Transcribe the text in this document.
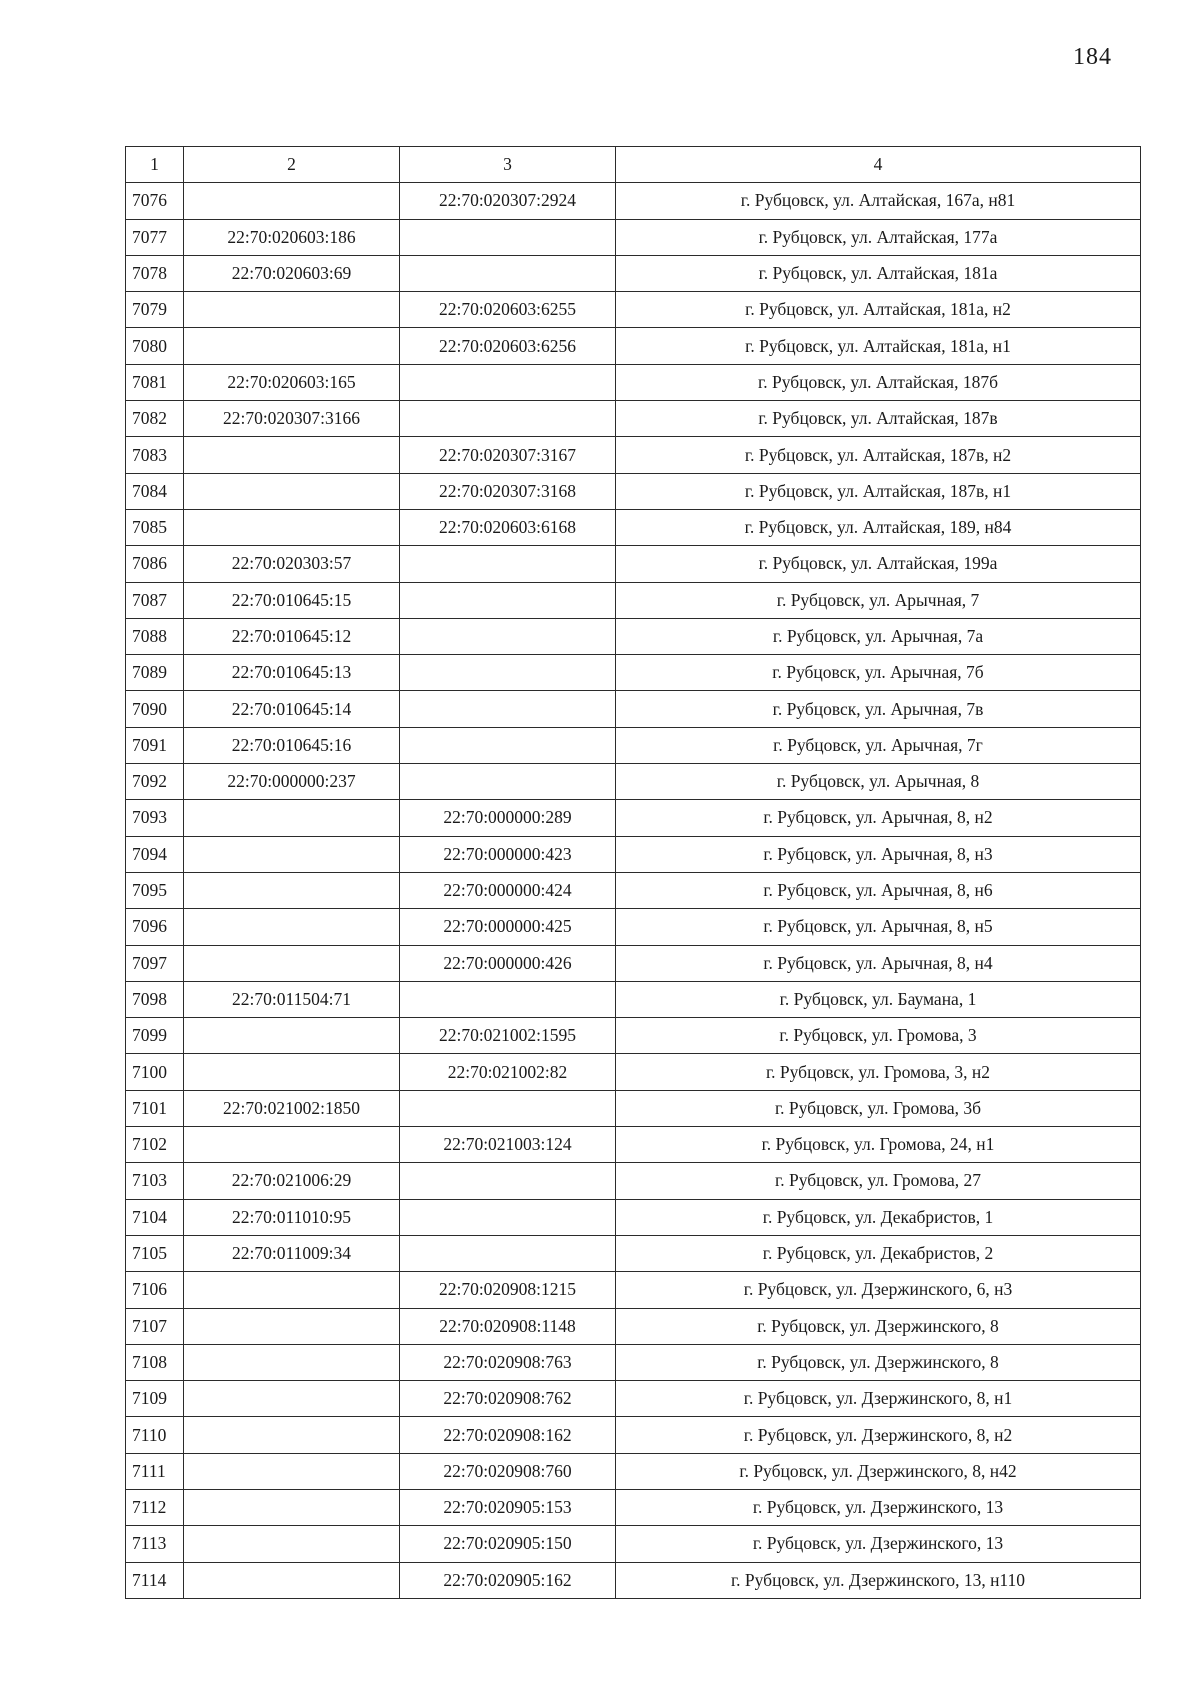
184
1	2	3	4
7076		22:70:020307:2924	г. Рубцовск, ул. Алтайская, 167а, н81
7077	22:70:020603:186		г. Рубцовск, ул. Алтайская, 177а
7078	22:70:020603:69		г. Рубцовск, ул. Алтайская, 181а
7079		22:70:020603:6255	г. Рубцовск, ул. Алтайская, 181а, н2
7080		22:70:020603:6256	г. Рубцовск, ул. Алтайская, 181а, н1
7081	22:70:020603:165		г. Рубцовск, ул. Алтайская, 187б
7082	22:70:020307:3166		г. Рубцовск, ул. Алтайская, 187в
7083		22:70:020307:3167	г. Рубцовск, ул. Алтайская, 187в, н2
7084		22:70:020307:3168	г. Рубцовск, ул. Алтайская, 187в, н1
7085		22:70:020603:6168	г. Рубцовск, ул. Алтайская, 189, н84
7086	22:70:020303:57		г. Рубцовск, ул. Алтайская, 199а
7087	22:70:010645:15		г. Рубцовск, ул. Арычная, 7
7088	22:70:010645:12		г. Рубцовск, ул. Арычная, 7а
7089	22:70:010645:13		г. Рубцовск, ул. Арычная, 7б
7090	22:70:010645:14		г. Рубцовск, ул. Арычная, 7в
7091	22:70:010645:16		г. Рубцовск, ул. Арычная, 7г
7092	22:70:000000:237		г. Рубцовск, ул. Арычная, 8
7093		22:70:000000:289	г. Рубцовск, ул. Арычная, 8, н2
7094		22:70:000000:423	г. Рубцовск, ул. Арычная, 8, н3
7095		22:70:000000:424	г. Рубцовск, ул. Арычная, 8, н6
7096		22:70:000000:425	г. Рубцовск, ул. Арычная, 8, н5
7097		22:70:000000:426	г. Рубцовск, ул. Арычная, 8, н4
7098	22:70:011504:71		г. Рубцовск, ул. Баумана, 1
7099		22:70:021002:1595	г. Рубцовск, ул. Громова, 3
7100		22:70:021002:82	г. Рубцовск, ул. Громова, 3, н2
7101	22:70:021002:1850		г. Рубцовск, ул. Громова, 3б
7102		22:70:021003:124	г. Рубцовск, ул. Громова, 24, н1
7103	22:70:021006:29		г. Рубцовск, ул. Громова, 27
7104	22:70:011010:95		г. Рубцовск, ул. Декабристов, 1
7105	22:70:011009:34		г. Рубцовск, ул. Декабристов, 2
7106		22:70:020908:1215	г. Рубцовск, ул. Дзержинского, 6, н3
7107		22:70:020908:1148	г. Рубцовск, ул. Дзержинского, 8
7108		22:70:020908:763	г. Рубцовск, ул. Дзержинского, 8
7109		22:70:020908:762	г. Рубцовск, ул. Дзержинского, 8, н1
7110		22:70:020908:162	г. Рубцовск, ул. Дзержинского, 8, н2
7111		22:70:020908:760	г. Рубцовск, ул. Дзержинского, 8, н42
7112		22:70:020905:153	г. Рубцовск, ул. Дзержинского, 13
7113		22:70:020905:150	г. Рубцовск, ул. Дзержинского, 13
7114		22:70:020905:162	г. Рубцовск, ул. Дзержинского, 13, н110
